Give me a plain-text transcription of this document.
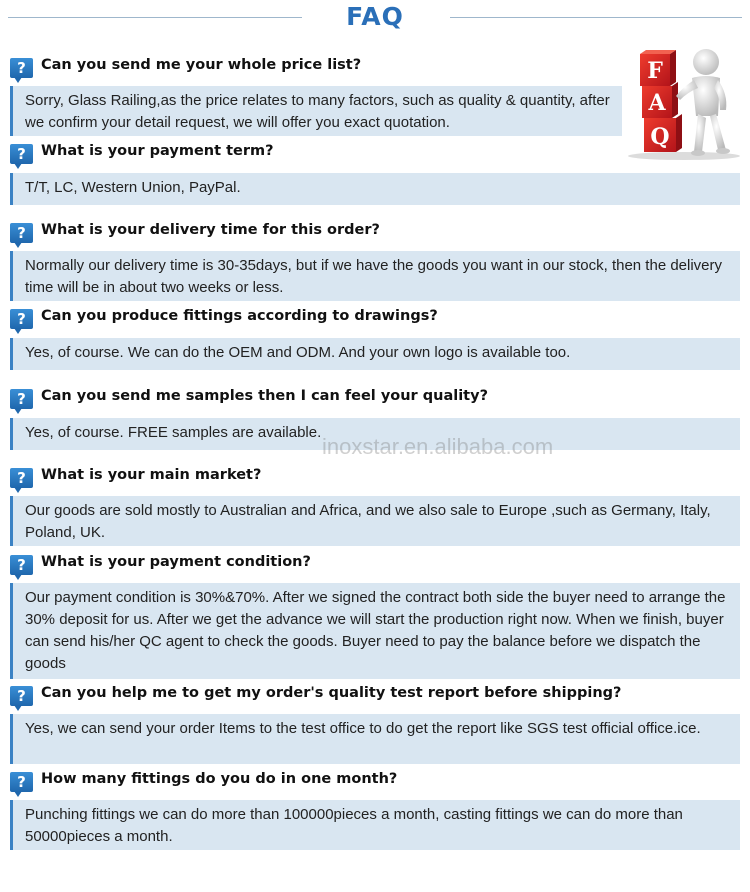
FAQ
?	Can you send me your whole price list?
Sorry, Glass Railing,as the price relates to many factors, such as quality & quantity, after we confirm your detail request, we will offer you exact quotation.
?	What is your payment term?
T/T, LC, Western Union, PayPal.
?	What is your delivery time for this order?
Normally our delivery time is 30-35days, but if we have the goods you want in our stock, then the delivery time will be in about two weeks or less.
?	Can you produce fittings according to drawings?
Yes, of course. We can do the OEM and ODM. And your own logo is available too.
?	Can you send me samples then I can feel your quality?
Yes, of course. FREE samples are available.
?	What is your main market?
Our goods are sold mostly to Australian and Africa, and we also sale to Europe ,such as Germany, Italy, Poland, UK.
?	What is your payment condition?
Our payment condition is 30%&70%. After we signed the contract both side the buyer need to arrange the 30% deposit for us. After we get the advance we will start the production right now. When we finish, buyer can send his/her QC agent to check the goods. Buyer need to pay the balance before we dispatch the goods
?	Can you help me to get my order's quality test report before shipping?
Yes, we can send your order Items to the test office to do get the report like SGS test official office.ice.
?	How many fittings do you do in one month?
Punching fittings we can do more than 100000pieces a month, casting fittings we can do more than 50000pieces a month.
inoxstar.en.alibaba.com
F
A
Q
